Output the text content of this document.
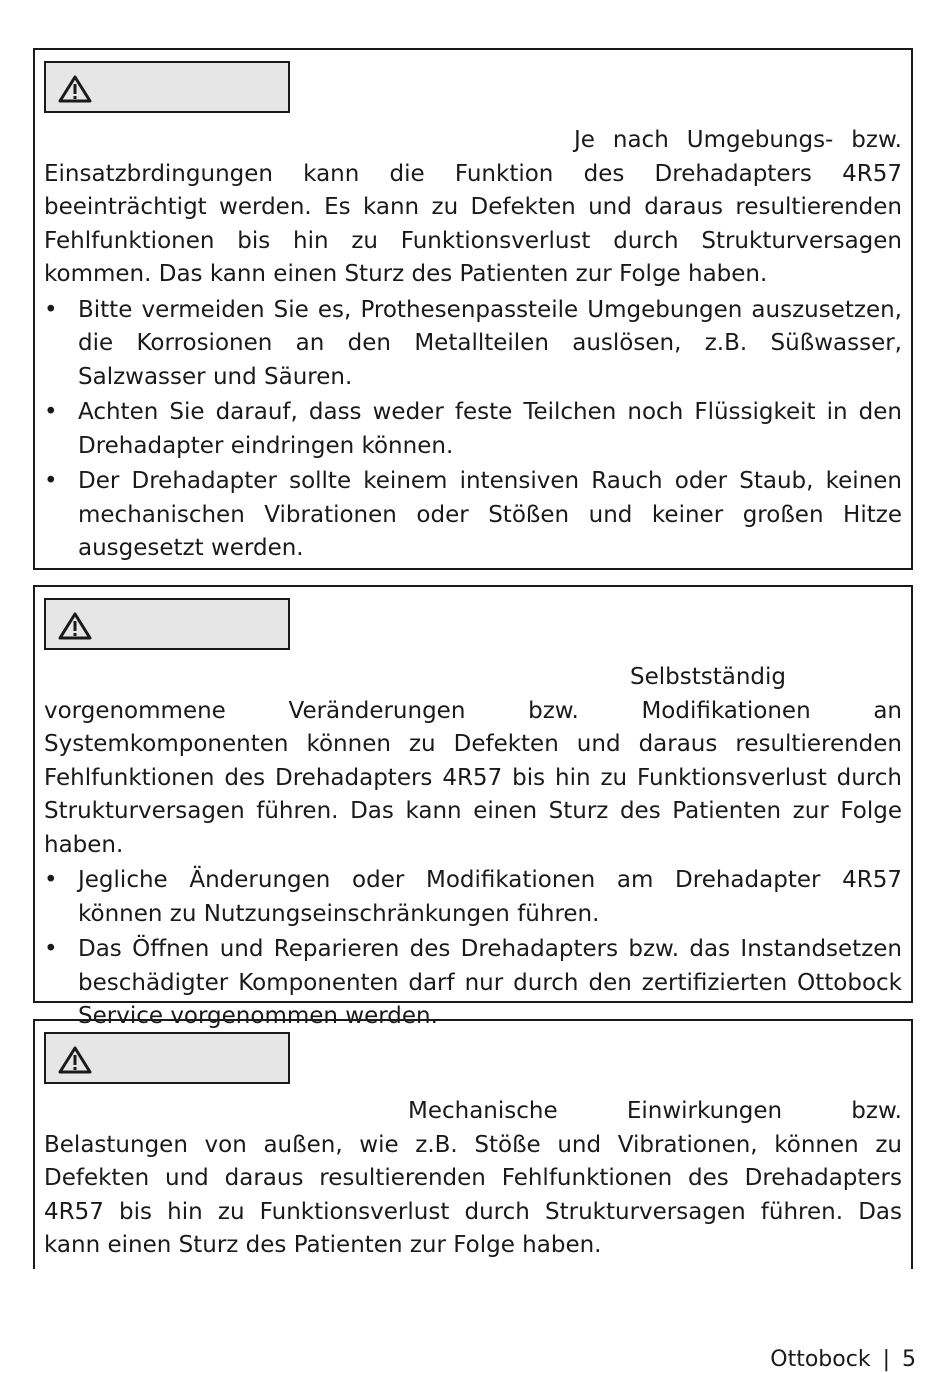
Je nach Umgebungs- bzw. Einsatzbrdingungen kann die Funktion des Drehadapters 4R57 beeinträchtigt werden. Es kann zu Defekten und daraus resultierenden Fehlfunktionen bis hin zu Funktionsverlust durch Strukturversagen kommen. Das kann einen Sturz des Patienten zur Folge haben.

• Bitte vermeiden Sie es, Prothesenpassteile Umgebungen auszusetzen, die Korrosionen an den Metallteilen auslösen, z.B. Süßwasser, Salzwasser und Säuren.
• Achten Sie darauf, dass weder feste Teilchen noch Flüssigkeit in den Drehadapter eindringen können.
• Der Drehadapter sollte keinem intensiven Rauch oder Staub, keinen mechanischen Vibrationen oder Stößen und keiner großen Hitze ausgesetzt werden.

Selbstständig vorgenommene Veränderungen bzw. Modifikationen an Systemkomponenten können zu Defekten und daraus resultierenden Fehlfunktionen des Drehadapters 4R57 bis hin zu Funktionsverlust durch Strukturversagen führen. Das kann einen Sturz des Patienten zur Folge haben.

• Jegliche Änderungen oder Modifikationen am Drehadapter 4R57 können zu Nutzungseinschränkungen führen.
• Das Öffnen und Reparieren des Drehadapters bzw. das Instandsetzen beschädigter Komponenten darf nur durch den zertifizierten Ottobock Service vorgenommen werden.

Mechanische Einwirkungen bzw. Belastungen von außen, wie z.B. Stöße und Vibrationen, können zu Defekten und daraus resultierenden Fehlfunktionen des Drehadapters 4R57 bis hin zu Funktionsverlust durch Strukturversagen führen. Das kann einen Sturz des Patienten zur Folge haben.

Ottobock | 5
